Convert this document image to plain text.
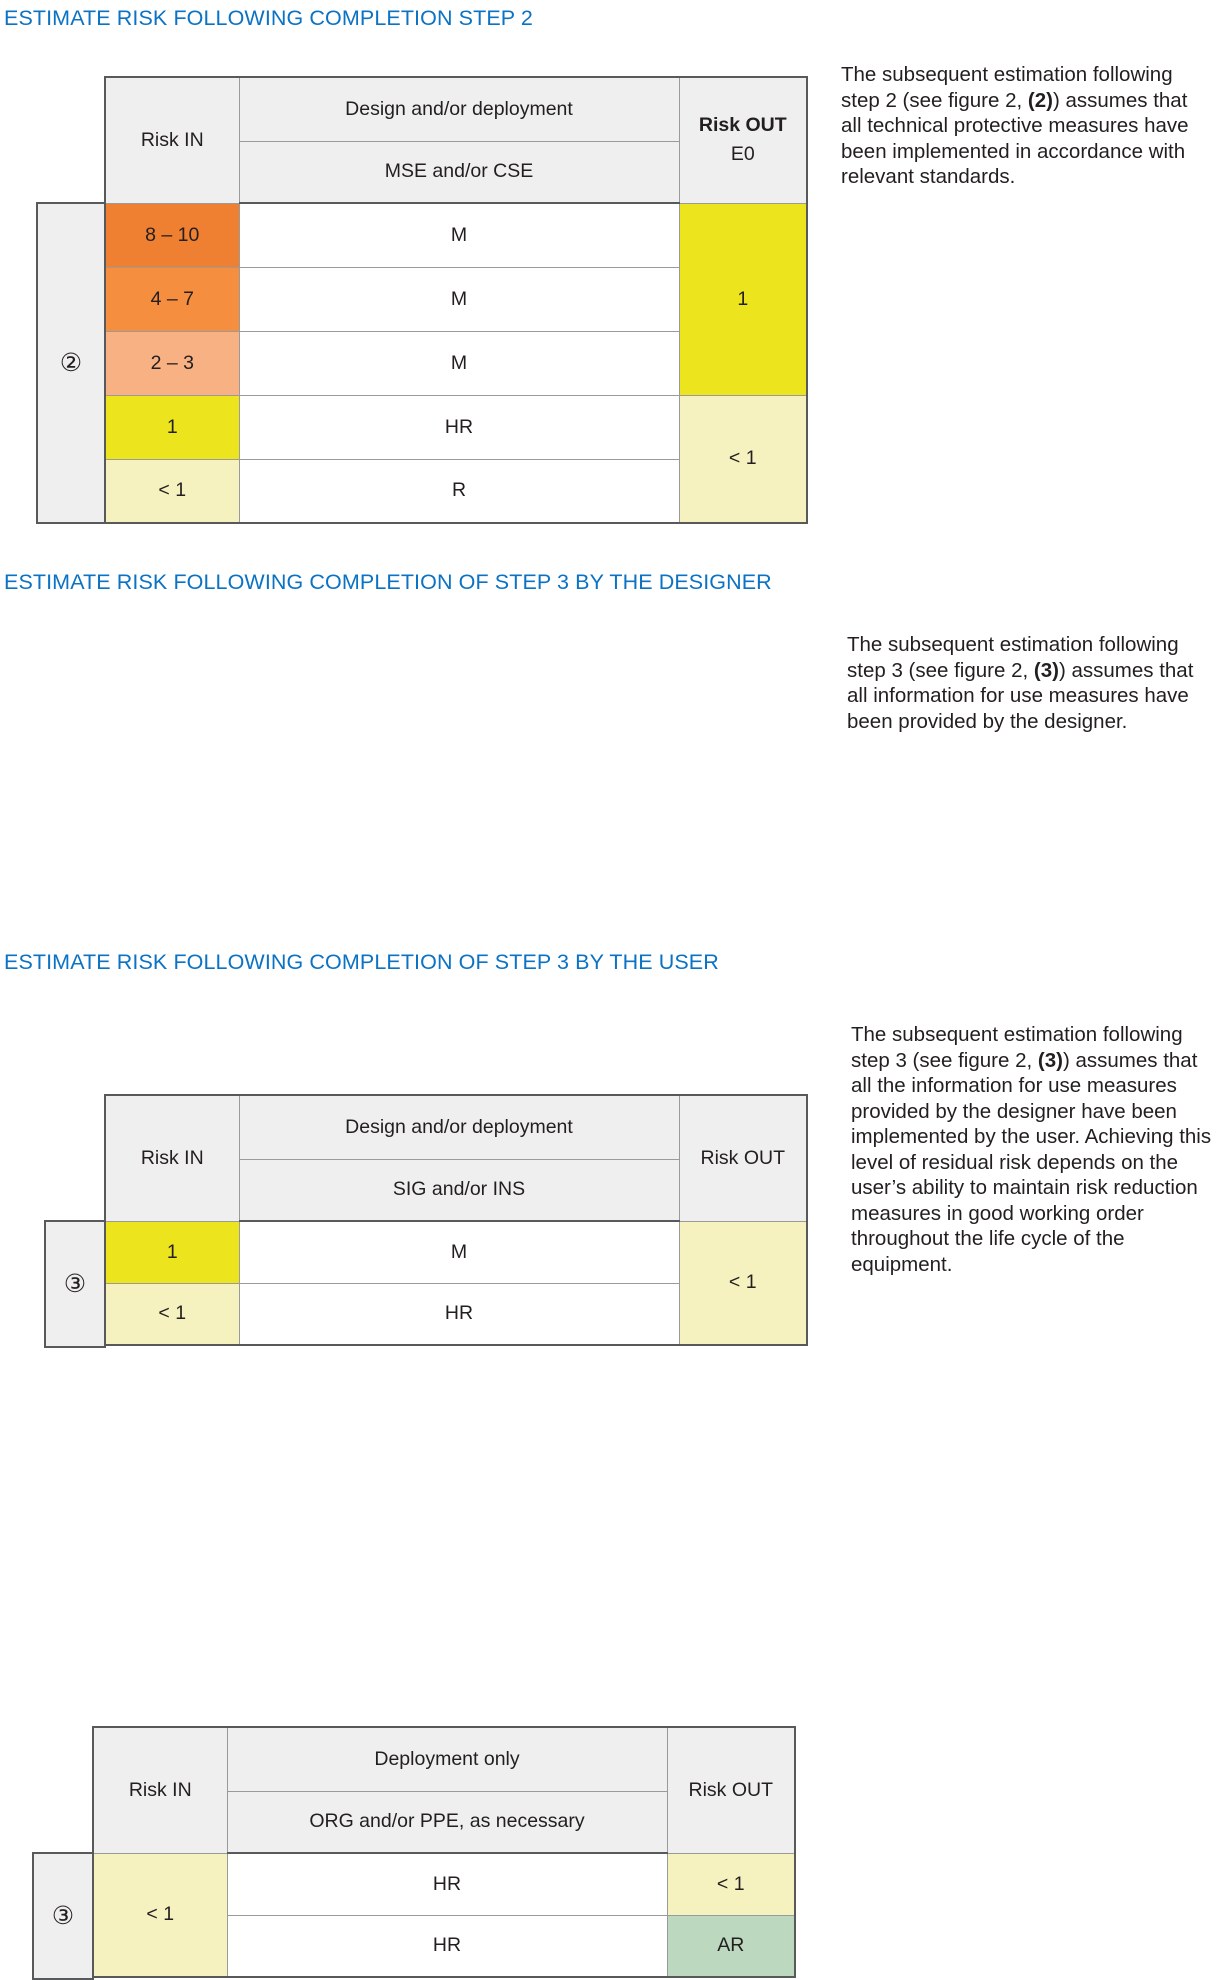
ESTIMATE RISK FOLLOWING COMPLETION STEP 2
②
Risk IN	Design and/or deployment	Risk OUT
E0

	MSE and/or CSE	
8 – 10	M	1
4 – 7	M	
2 – 3	M	
1	HR	< 1
< 1	R	
The subsequent estimation following step 2 (see figure 2, (2)) assumes that all technical protective measures have been implemented in accordance with relevant standards.
ESTIMATE RISK FOLLOWING COMPLETION OF STEP 3 BY THE DESIGNER
③
Risk IN	Design and/or deployment	Risk OUT
	SIG and/or INS	
1	M	< 1
< 1	HR	
The subsequent estimation following step 3 (see figure 2, (3)) assumes that all information for use measures have been provided by the designer.
ESTIMATE RISK FOLLOWING COMPLETION OF STEP 3 BY THE USER
③
Risk IN	Deployment only	Risk OUT
	ORG and/or PPE, as necessary	
< 1	HR	< 1
	HR	AR
The subsequent estimation following step 3 (see figure 2, (3)) assumes that all the information for use measures provided by the designer have been implemented by the user. Achieving this level of residual risk depends on the user’s ability to maintain risk reduction measures in good working order throughout the life cycle of the equipment.
